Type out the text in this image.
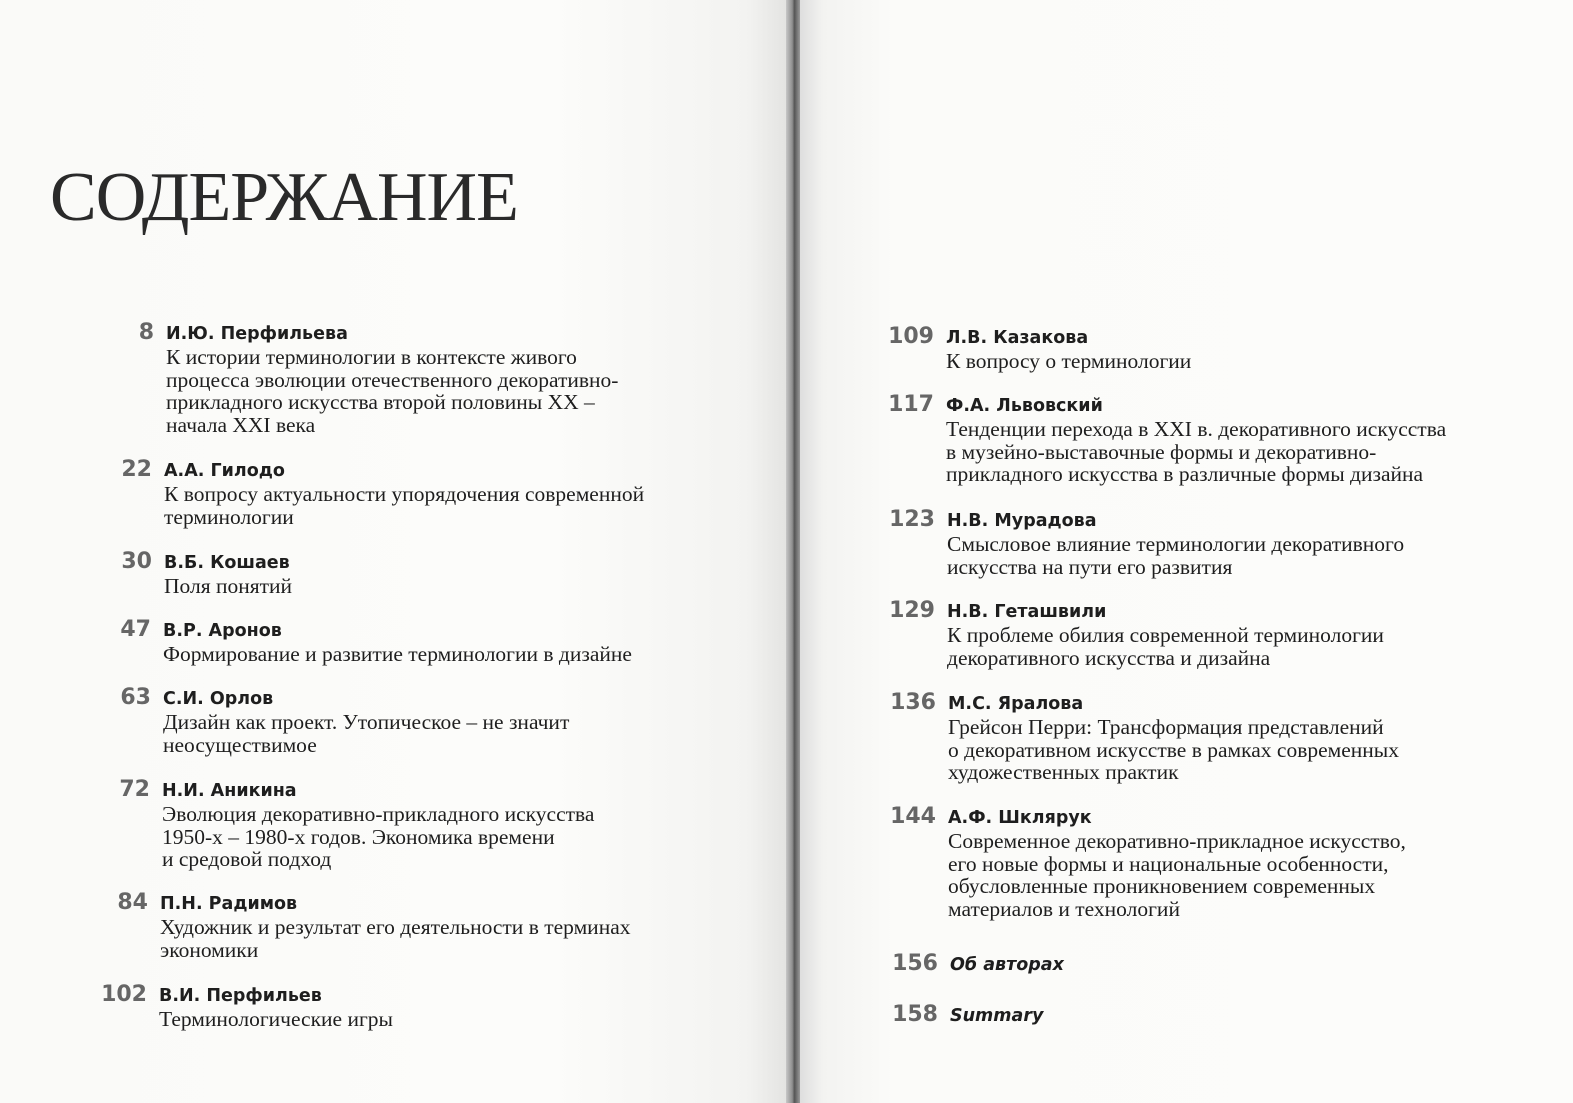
СОДЕРЖАНИЕ
8 И.Ю. Перфильева
К истории терминологии в контексте живого
процесса эволюции отечественного декоративно-
прикладного искусства второй половины XX –
начала XXI века
22 А.А. Гилодо
К вопросу актуальности упорядочения современной
терминологии
30 В.Б. Кошаев
Поля понятий
47 В.Р. Аронов
Формирование и развитие терминологии в дизайне
63 С.И. Орлов
Дизайн как проект. Утопическое – не значит
неосуществимое
72 Н.И. Аникина
Эволюция декоративно-прикладного искусства
1950-х – 1980-х годов. Экономика времени
и средовой подход
84 П.Н. Радимов
Художник и результат его деятельности в терминах
экономики
102 В.И. Перфильев
Терминологические игры
109 Л.В. Казакова
К вопросу о терминологии
117 Ф.А. Львовский
Тенденции перехода в XXI в. декоративного искусства
в музейно-выставочные формы и декоративно-
прикладного искусства в различные формы дизайна
123 Н.В. Мурадова
Смысловое влияние терминологии декоративного
искусства на пути его развития
129 Н.В. Геташвили
К проблеме обилия современной терминологии
декоративного искусства и дизайна
136 М.С. Яралова
Грейсон Перри: Трансформация представлений
о декоративном искусстве в рамках современных
художественных практик
144 А.Ф. Шклярук
Современное декоративно-прикладное искусство,
его новые формы и национальные особенности,
обусловленные проникновением современных
материалов и технологий
156 Об авторах
158 Summary
